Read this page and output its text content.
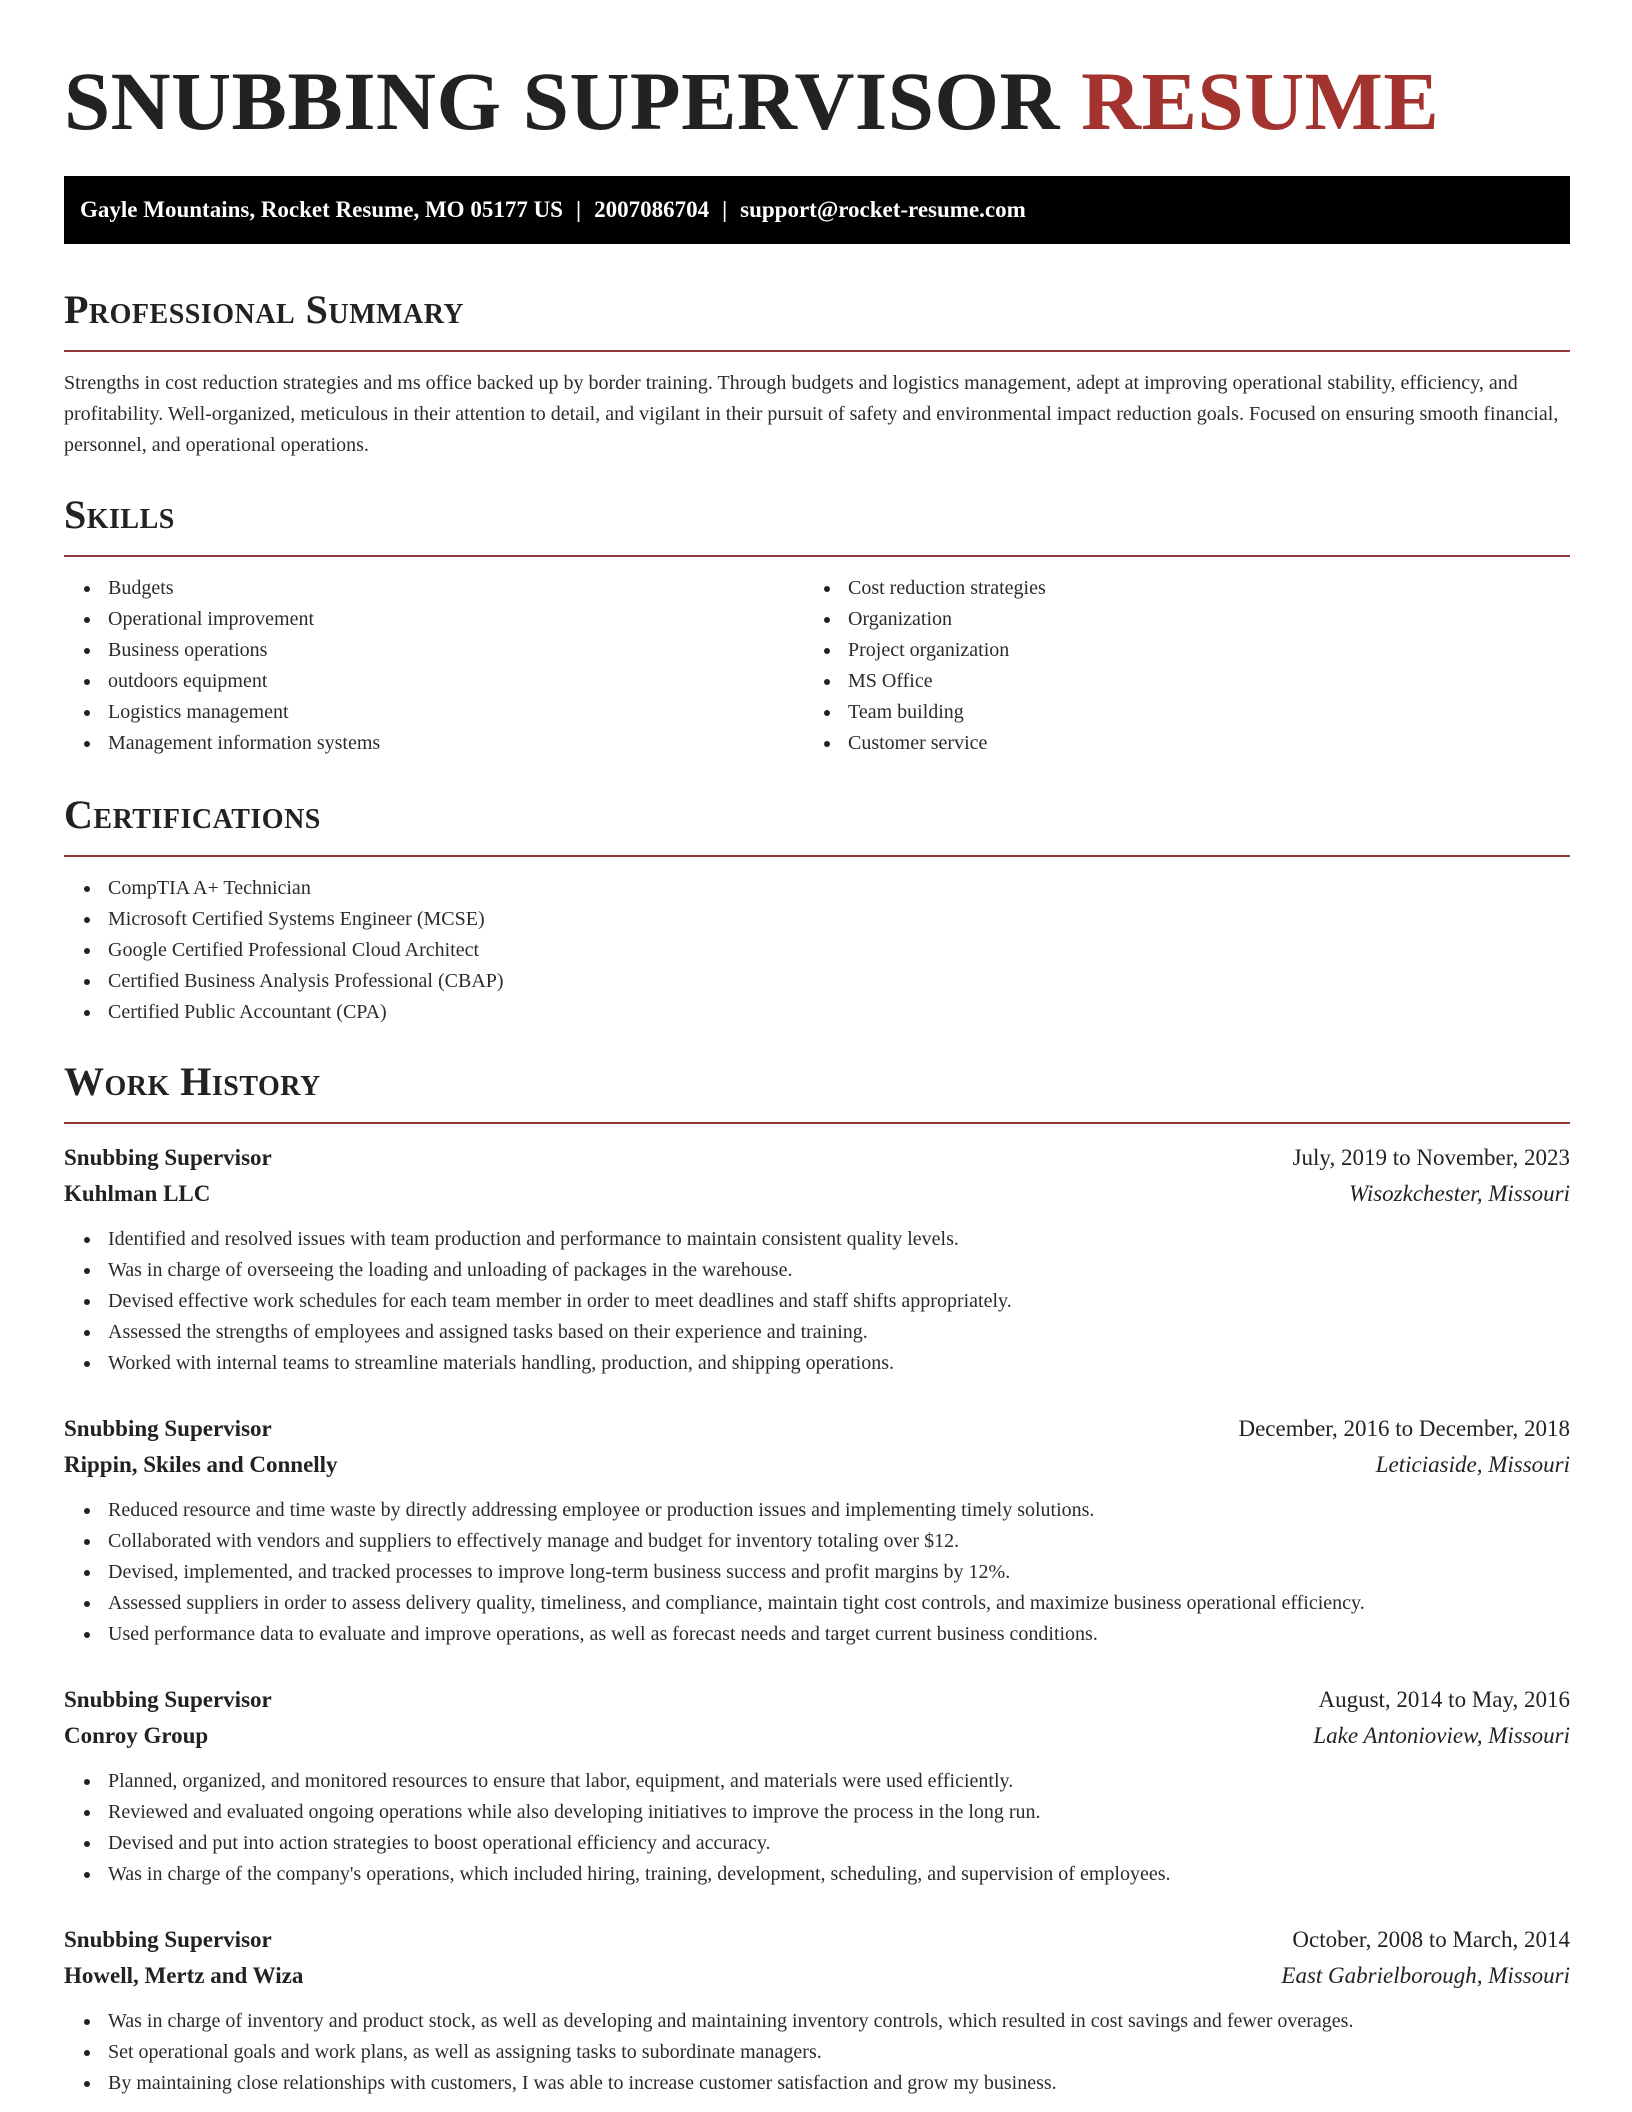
SNUBBING SUPERVISOR RESUME
Gayle Mountains, Rocket Resume, MO 05177 US | 2007086704 | support@rocket-resume.com
Professional Summary

Strengths in cost reduction strategies and ms office backed up by border training. Through budgets and logistics management, adept at improving operational stability, efficiency, and profitability. Well-organized, meticulous in their attention to detail, and vigilant in their pursuit of safety and environmental impact reduction goals. Focused on ensuring smooth financial, personnel, and operational operations.

Skills
Budgets
Operational improvement
Business operations
outdoors equipment
Logistics management
Management information systems
Cost reduction strategies
Organization
Project organization
MS Office
Team building
Customer service
Certifications
CompTIA A+ Technician
Microsoft Certified Systems Engineer (MCSE)
Google Certified Professional Cloud Architect
Certified Business Analysis Professional (CBAP)
Certified Public Accountant (CPA)
Work History
Snubbing Supervisor	July, 2019 to November, 2023
Kuhlman LLC	Wisozkchester, Missouri
Identified and resolved issues with team production and performance to maintain consistent quality levels.
Was in charge of overseeing the loading and unloading of packages in the warehouse.
Devised effective work schedules for each team member in order to meet deadlines and staff shifts appropriately.
Assessed the strengths of employees and assigned tasks based on their experience and training.
Worked with internal teams to streamline materials handling, production, and shipping operations.
Snubbing Supervisor	December, 2016 to December, 2018
Rippin, Skiles and Connelly	Leticiaside, Missouri
Reduced resource and time waste by directly addressing employee or production issues and implementing timely solutions.
Collaborated with vendors and suppliers to effectively manage and budget for inventory totaling over $12.
Devised, implemented, and tracked processes to improve long-term business success and profit margins by 12%.
Assessed suppliers in order to assess delivery quality, timeliness, and compliance, maintain tight cost controls, and maximize business operational efficiency.
Used performance data to evaluate and improve operations, as well as forecast needs and target current business conditions.
Snubbing Supervisor	August, 2014 to May, 2016
Conroy Group	Lake Antonioview, Missouri
Planned, organized, and monitored resources to ensure that labor, equipment, and materials were used efficiently.
Reviewed and evaluated ongoing operations while also developing initiatives to improve the process in the long run.
Devised and put into action strategies to boost operational efficiency and accuracy.
Was in charge of the company's operations, which included hiring, training, development, scheduling, and supervision of employees.
Snubbing Supervisor	October, 2008 to March, 2014
Howell, Mertz and Wiza	East Gabrielborough, Missouri
Was in charge of inventory and product stock, as well as developing and maintaining inventory controls, which resulted in cost savings and fewer overages.
Set operational goals and work plans, as well as assigning tasks to subordinate managers.
By maintaining close relationships with customers, I was able to increase customer satisfaction and grow my business.
